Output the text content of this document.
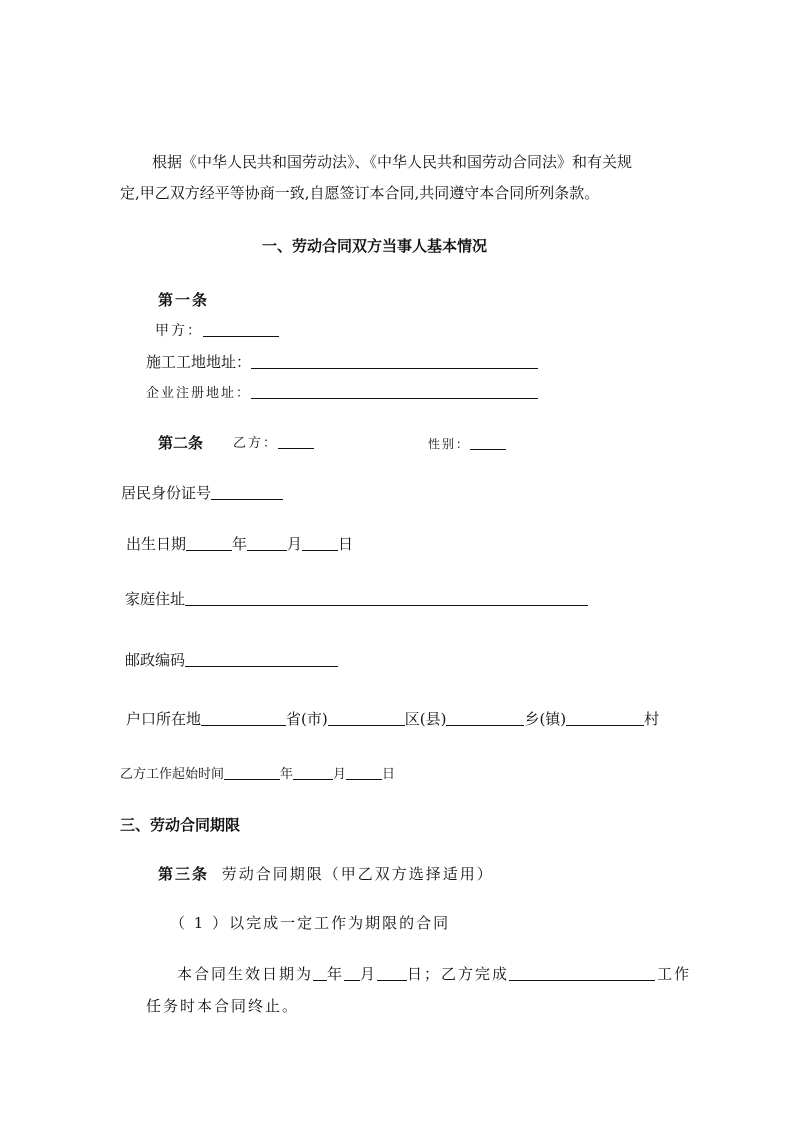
根据《中华人民共和国劳动法》、《中华人民共和国劳动合同法》和有关规
定,甲乙双方经平等协商一致,自愿签订本合同,共同遵守本合同所列条款。
一、劳动合同双方当事人基本情况
第一条
甲方：
施工工地地址：
企业注册地址：
第二条 乙方：	性别：
居民身份证号
出生日期	年	月 日
家庭住址
邮政编码
户口所在地	省(市)	区(县)	乡(镇)	村
乙方工作起始时间	年	月	日
三、劳动合同期限
第三条 劳动合同期限（甲乙双方选择适用）
（ 1 ）以完成一定工作为期限的合同
本合同生效日期为 年 月 日；乙方完成	工作
任务时本合同终止。
